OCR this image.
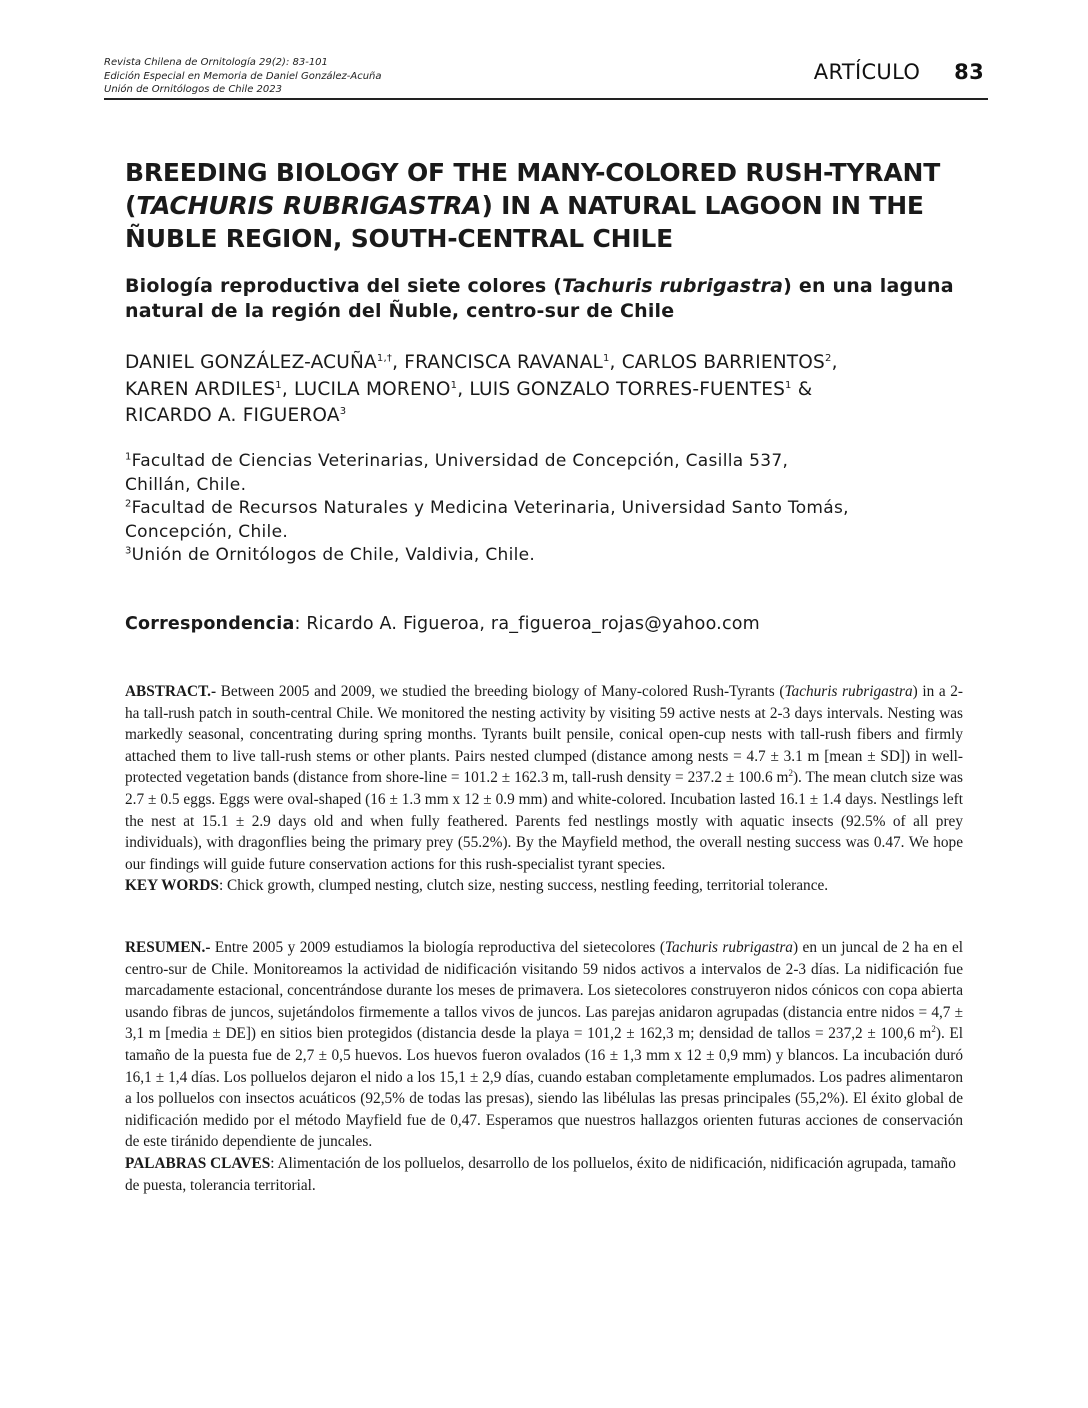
Revista Chilena de Ornitología 29(2): 83-101
Edición Especial en Memoria de Daniel González-Acuña
Unión de Ornitólogos de Chile 2023
ARTÍCULO 83
BREEDING BIOLOGY OF THE MANY-COLORED RUSH-TYRANT
(TACHURIS RUBRIGASTRA) IN A NATURAL LAGOON IN THE
ÑUBLE REGION, SOUTH-CENTRAL CHILE
Biología reproductiva del siete colores (Tachuris rubrigastra) en una laguna
natural de la región del Ñuble, centro-sur de Chile
DANIEL GONZÁLEZ-$ACUÑA^{1,\dagger}$, FRANCISCA RAVANAL$^1$, CARLOS BARRIENTOS$^2$,
KAREN ARDILES$^1$, LUCILA MORENO$^1$, LUIS GONZALO TORRES-FUENTES$^1$ &
RICARDO A. FIGUEROA$^3$
$^1$Facultad de Ciencias Veterinarias, Universidad de Concepción, Casilla 537,
Chillán, Chile.
$^2$Facultad de Recursos Naturales y Medicina Veterinaria, Universidad Santo Tomás,
Concepción, Chile.
$^3$Unión de Ornitólogos de Chile, Valdivia, Chile.
Correspondencia: Ricardo A. Figueroa, ra_figueroa_rojas@yahoo.com
ABSTRACT.- Between 2005 and 2009, we studied the breeding biology of Many-colored Rush-Tyrants (Tachuris rubrigastra) in a 2-ha tall-rush patch in south-central Chile. We monitored the nesting activity by visiting 59 active nests at 2-3 days intervals. Nesting was markedly seasonal, concentrating during spring months. Tyrants built pensile, conical open-cup nests with tall-rush fibers and firmly attached them to live tall-rush stems or other plants. Pairs nested clumped (distance among nests = 4.7 ± 3.1 m [mean ± SD]) in well-protected vegetation bands (distance from shore-line = 101.2 ± 162.3 m, tall-rush density = 237.2 ± 100.6 $m^2$). The mean clutch size was 2.7 ± 0.5 eggs. Eggs were oval-shaped (16 ± 1.3 mm x 12 ± 0.9 mm) and white-colored. Incubation lasted 16.1 ± 1.4 days. Nestlings left the nest at 15.1 ± 2.9 days old and when fully feathered. Parents fed nestlings mostly with aquatic insects (92.5% of all prey individuals), with dragonflies being the primary prey (55.2%). By the Mayfield method, the overall nesting success was 0.47. We hope our findings will guide future conservation actions for this rush-specialist tyrant species.
KEY WORDS: Chick growth, clumped nesting, clutch size, nesting success, nestling feeding, territorial tolerance.
RESUMEN.- Entre 2005 y 2009 estudiamos la biología reproductiva del sietecolores (Tachuris rubrigastra) en un juncal de 2 ha en el centro-sur de Chile. Monitoreamos la actividad de nidificación visitando 59 nidos activos a intervalos de 2-3 días. La nidificación fue marcadamente estacional, concentrándose durante los meses de primavera. Los sietecolores construyeron nidos cónicos con copa abierta usando fibras de juncos, sujetándolos firmemente a tallos vivos de juncos. Las parejas anidaron agrupadas (distancia entre nidos = 4,7 ± 3,1 m [media ± DE]) en sitios bien protegidos (distancia desde la playa = 101,2 ± 162,3 m; densidad de tallos = 237,2 ± 100,6 $m^2$). El tamaño de la puesta fue de 2,7 ± 0,5 huevos. Los huevos fueron ovalados (16 ± 1,3 mm x 12 ± 0,9 mm) y blancos. La incubación duró 16,1 ± 1,4 días. Los polluelos dejaron el nido a los 15,1 ± 2,9 días, cuando estaban completamente emplumados. Los padres alimentaron a los polluelos con insectos acuáticos (92,5% de todas las presas), siendo las libélulas las presas principales (55,2%). El éxito global de nidificación medido por el método Mayfield fue de 0,47. Esperamos que nuestros hallazgos orienten futuras acciones de conservación de este tiránido dependiente de juncales.
PALABRAS CLAVES: Alimentación de los polluelos, desarrollo de los polluelos, éxito de nidificación, nidificación agrupada, tamaño de puesta, tolerancia territorial.
